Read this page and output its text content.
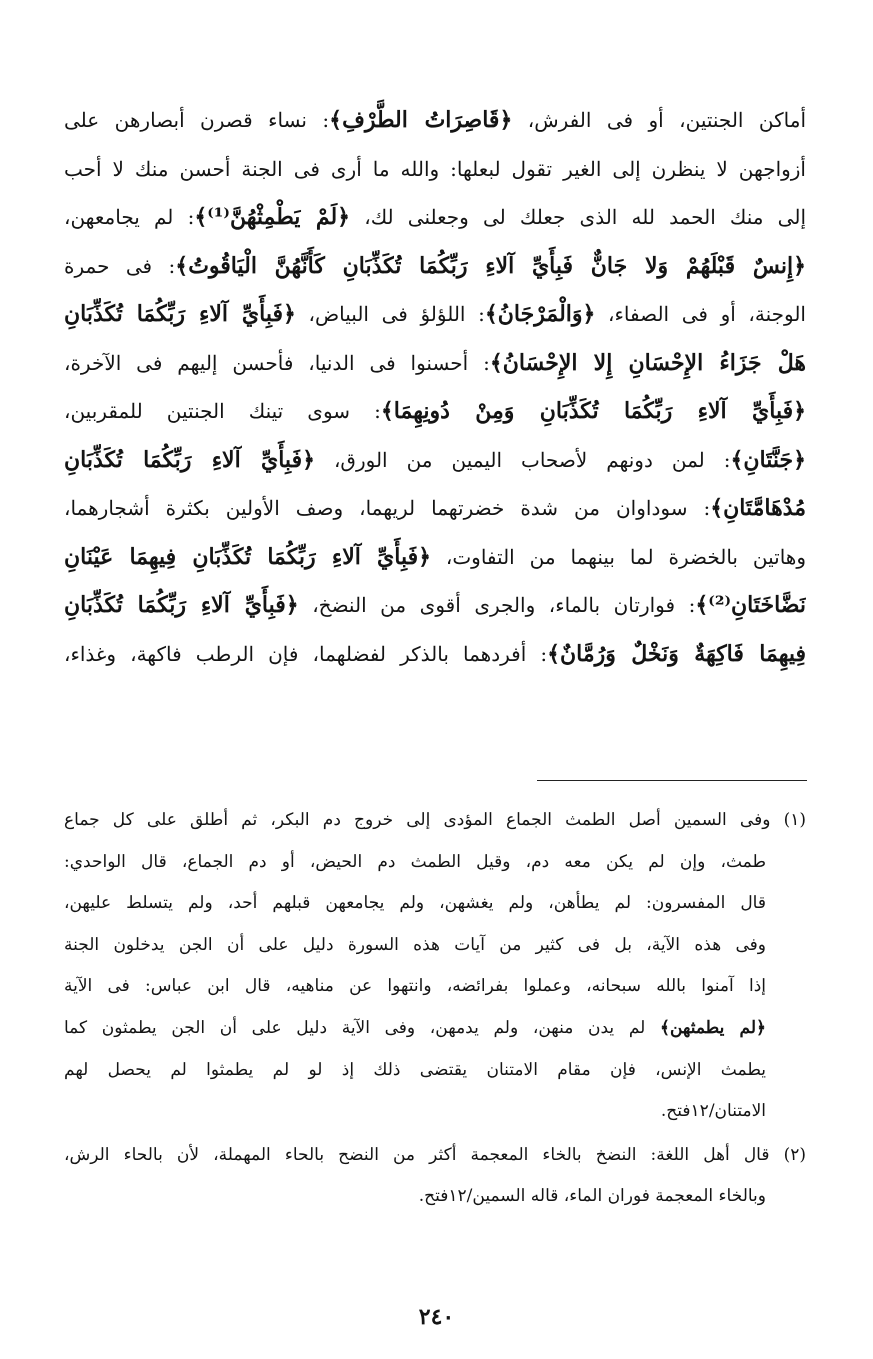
أماكن الجنتين، أو فى الفرش، ﴿قَاصِرَاتُ الطَّرْفِ﴾: نساء قصرن أبصارهن على
أزواجهن لا ينظرن إلى الغير تقول لبعلها: والله ما أرى فى الجنة أحسن منك لا أحب
إلى منك الحمد لله الذى جعلك لى وجعلنى لك، ﴿لَمْ يَطْمِثْهُنَّ⁽¹⁾﴾: لم يجامعهن،
﴿إِنسٌ قَبْلَهُمْ وَلا جَانٌّ فَبِأَيِّ آلاءِ رَبِّكُمَا تُكَذِّبَانِ كَأَنَّهُنَّ الْيَاقُوتُ﴾: فى حمرة
الوجنة، أو فى الصفاء، ﴿وَالْمَرْجَانُ﴾: اللؤلؤ فى البياض، ﴿فَبِأَيِّ آلاءِ رَبِّكُمَا تُكَذِّبَانِ
هَلْ جَزَاءُ الإِحْسَانِ إِلا الإِحْسَانُ﴾: أحسنوا فى الدنيا، فأحسن إليهم فى الآخرة،
﴿فَبِأَيِّ آلاءِ رَبِّكُمَا تُكَذِّبَانِ وَمِنْ دُونِهِمَا﴾: سوى تينك الجنتين للمقربين،
﴿جَنَّتَانِ﴾: لمن دونهم لأصحاب اليمين من الورق، ﴿فَبِأَيِّ آلاءِ رَبِّكُمَا تُكَذِّبَانِ
مُدْهَامَّتَانِ﴾: سوداوان من شدة خضرتهما لريهما، وصف الأولين بكثرة أشجارهما،
وهاتين بالخضرة لما بينهما من التفاوت، ﴿فَبِأَيِّ آلاءِ رَبِّكُمَا تُكَذِّبَانِ فِيهِمَا عَيْنَانِ
نَضَّاخَتَانِ⁽²⁾﴾: فوارتان بالماء، والجرى أقوى من النضخ، ﴿فَبِأَيِّ آلاءِ رَبِّكُمَا تُكَذِّبَانِ
فِيهِمَا فَاكِهَةٌ وَنَخْلٌ وَرُمَّانٌ﴾: أفردهما بالذكر لفضلهما، فإن الرطب فاكهة، وغذاء،
(١) وفى السمين أصل الطمث الجماع المؤدى إلى خروج دم البكر، ثم أطلق على كل جماع
طمث، وإن لم يكن معه دم، وقيل الطمث دم الحيض، أو دم الجماع، قال الواحدي:
قال المفسرون: لم يطأهن، ولم يغشهن، ولم يجامعهن قبلهم أحد، ولم يتسلط عليهن،
وفى هذه الآية، بل فى كثير من آيات هذه السورة دليل على أن الجن يدخلون الجنة
إذا آمنوا بالله سبحانه، وعملوا بفرائضه، وانتهوا عن مناهيه، قال ابن عباس: فى الآية
﴿لم يطمثهن﴾ لم يدن منهن، ولم يدمهن، وفى الآية دليل على أن الجن يطمثون كما
يطمث الإنس، فإن مقام الامتنان يقتضى ذلك إذ لو لم يطمثوا لم يحصل لهم
الامتنان/١٢فتح.
(٢) قال أهل اللغة: النضخ بالخاء المعجمة أكثر من النضح بالحاء المهملة، لأن بالحاء الرش،
وبالخاء المعجمة فوران الماء، قاله السمين/١٢فتح.
٢٤٠
